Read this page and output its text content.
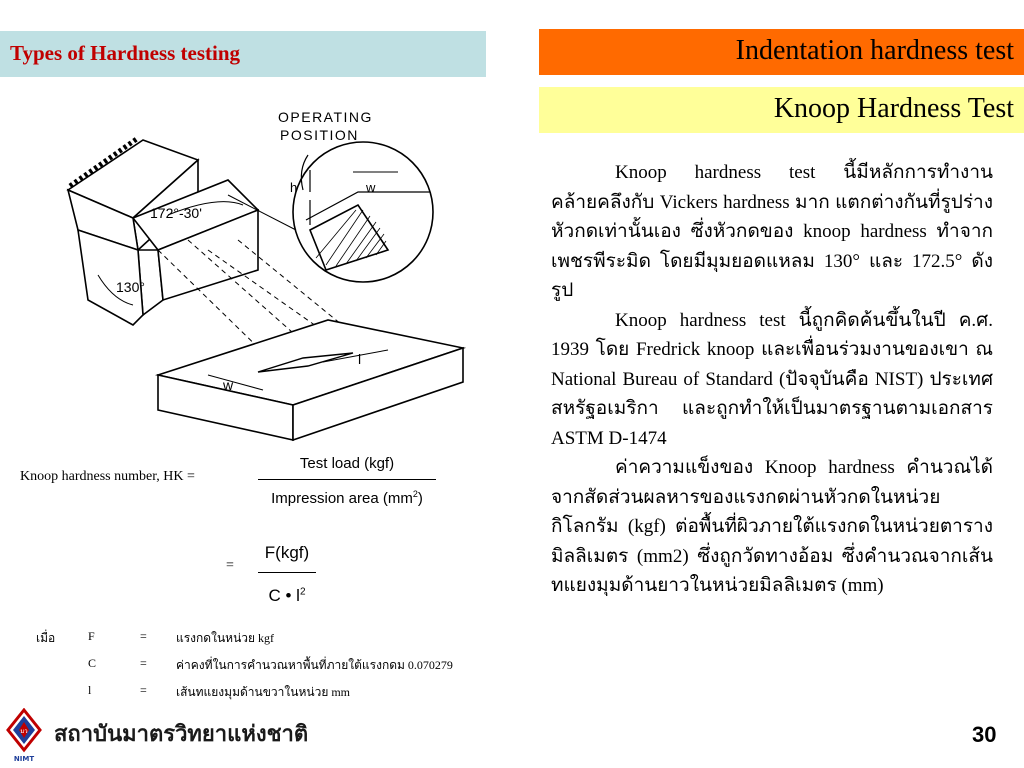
Types of Hardness testing	Indentation hardness test
Knoop Hardness Test
OPERATING
POSITION
172°-30'
130°
h	w
w
l
Knoop hardness number, HK =
Test load (kgf)
Impression area $(mm^2)$
=
F(kgf)
C • $l^2$
เมื่อ	F	= แรงกดในหน่วย kgf
C	= ค่าคงที่ในการคำนวณหาพื้นที่ภายใต้แรงกดม 0.070279
l	= เส้นทแยงมุมด้านขวาในหน่วย mm

Knoop hardness test นี้มีหลักการทำงานคล้ายคลึงกับ Vickers hardness มาก แตกต่างกันที่รูปร่างหัวกดเท่านั้นเอง ซึ่งหัวกดของ knoop hardness ทำจากเพชรพีระมิด โดยมีมุมยอดแหลม 130° และ 172.5° ดังรูป

Knoop hardness test นี้ถูกคิดค้นขึ้นในปี ค.ศ. 1939 โดย Fredrick knoop และเพื่อนร่วมงานของเขา ณ National Bureau of Standard (ปัจจุบันคือ NIST) ประเทศสหรัฐอเมริกา และถูกทำให้เป็นมาตรฐานตามเอกสาร ASTM D-1474

ค่าความแข็งของ Knoop hardness คำนวณได้จากสัดส่วนผลหารของแรงกดผ่านหัวกดในหน่วยกิโลกรัม (kgf) ต่อพื้นที่ผิวภายใต้แรงกดในหน่วยตารางมิลลิเมตร (mm2) ซึ่งถูกวัดทางอ้อม ซึ่งคำนวณจากเส้นทแยงมุมด้านยาวในหน่วยมิลลิเมตร (mm)

มว
NIMT
สถาบันมาตรวิทยาแห่งชาติ	30
